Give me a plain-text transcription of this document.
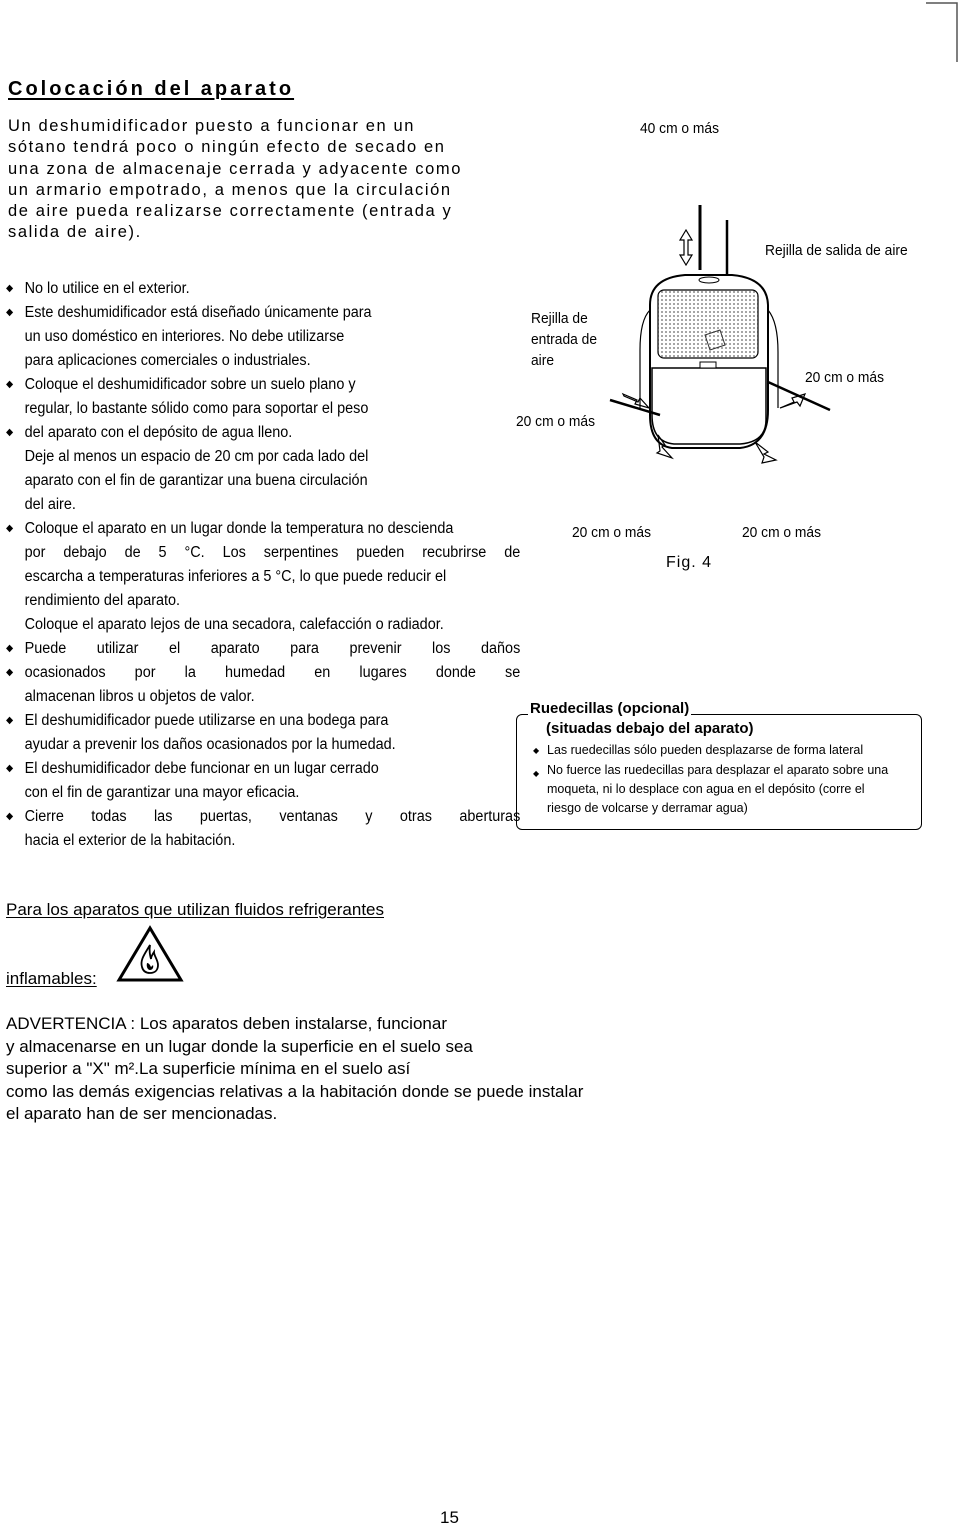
Colocación del aparato
Un deshumidificador puesto a funcionar en un
sótano tendrá poco o ningún efecto de secado en
una zona de almacenaje cerrada y adyacente como
un armario empotrado, a menos que la circulación
de aire pueda realizarse correctamente (entrada y
salida de aire).
◆ No lo utilice en el exterior.
◆ Este deshumidificador está diseñado únicamente para
un uso doméstico en interiores. No debe utilizarse
para aplicaciones comerciales o industriales.
◆ Coloque el deshumidificador sobre un suelo plano y
regular, lo bastante sólido como para soportar el peso
◆ del aparato con el depósito de agua lleno.
Deje al menos un espacio de 20 cm por cada lado del
aparato con el fin de garantizar una buena circulación
del aire.
◆ Coloque el aparato en un lugar donde la temperatura no descienda
por debajo de 5 °C. Los serpentines pueden recubrirse de
escarcha a temperaturas inferiores a 5 °C, lo que puede reducir el
rendimiento del aparato.
Coloque el aparato lejos de una secadora, calefacción o radiador.
◆ Puede utilizar el aparato para prevenir los daños
◆ ocasionados por la humedad en lugares donde se
almacenan libros u objetos de valor.
◆ El deshumidificador puede utilizarse en una bodega para
ayudar a prevenir los daños ocasionados por la humedad.
◆ El deshumidificador debe funcionar en un lugar cerrado
con el fin de garantizar una mayor eficacia.
◆ Cierre todas las puertas, ventanas y otras aberturas
hacia el exterior de la habitación.
40 cm o más
Rejilla de salida de aire
Rejilla de
entrada de
aire
20 cm o más
20 cm o más
20 cm o más	20 cm o más
Fig. 4
Ruedecillas (opcional)
(situadas debajo del aparato)
◆ Las ruedecillas sólo pueden desplazarse de forma lateral
◆ No fuerce las ruedecillas para desplazar el aparato sobre una
moqueta, ni lo desplace con agua en el depósito (corre el
riesgo de volcarse y derramar agua)
Para los aparatos que utilizan fluidos refrigerantes
inflamables:
ADVERTENCIA : Los aparatos deben instalarse, funcionar
y almacenarse en un lugar donde la superficie en el suelo sea
superior a "X" m².La superficie mínima en el suelo así
como las demás exigencias relativas a la habitación donde se puede instalar
el aparato han de ser mencionadas.
15
